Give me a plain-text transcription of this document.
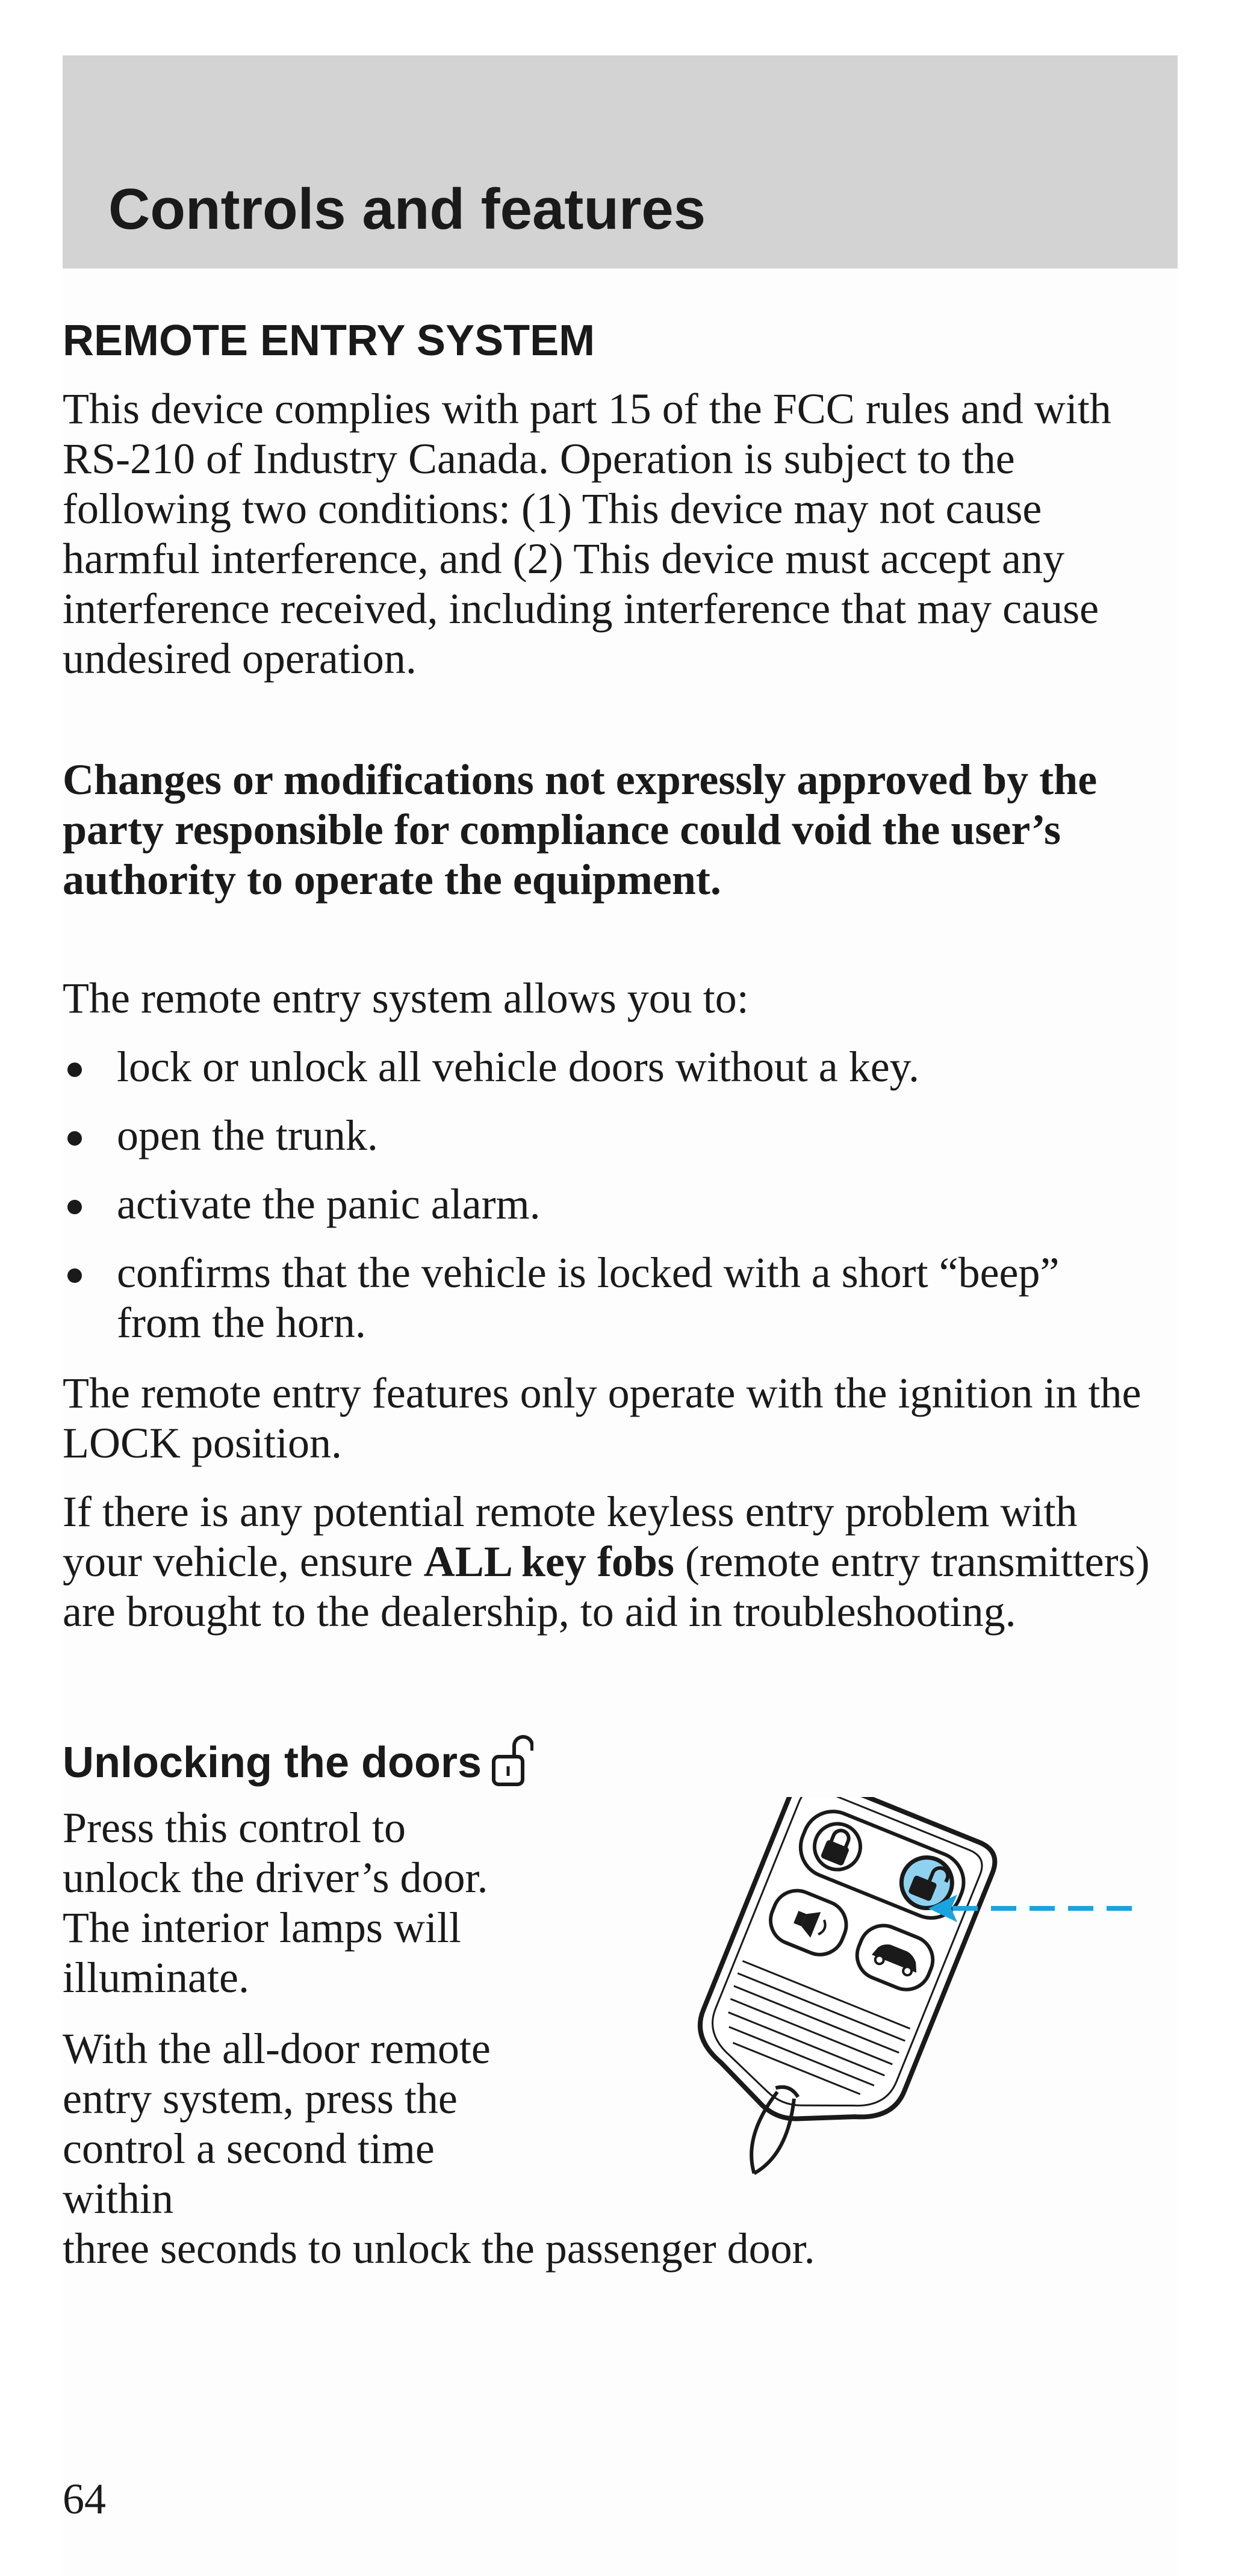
Controls and features
REMOTE ENTRY SYSTEM

This device complies with part 15 of the FCC rules and with RS-210 of Industry Canada. Operation is subject to the following two conditions: (1) This device may not cause harmful interference, and (2) This device must accept any interference received, including interference that may cause undesired operation.

Changes or modifications not expressly approved by the party responsible for compliance could void the user’s authority to operate the equipment.

The remote entry system allows you to:

lock or unlock all vehicle doors without a key.
open the trunk.
activate the panic alarm.
confirms that the vehicle is locked with a short “beep” from the horn.

The remote entry features only operate with the ignition in the LOCK position.

If there is any potential remote keyless entry problem with your vehicle, ensure ALL key fobs (remote entry transmitters) are brought to the dealership, to aid in troubleshooting.

Unlocking the doors

Press this control to unlock the driver’s door. The interior lamps will illuminate.

With the all-door remote entry system, press the control a second time within

three seconds to unlock the passenger door.

64
